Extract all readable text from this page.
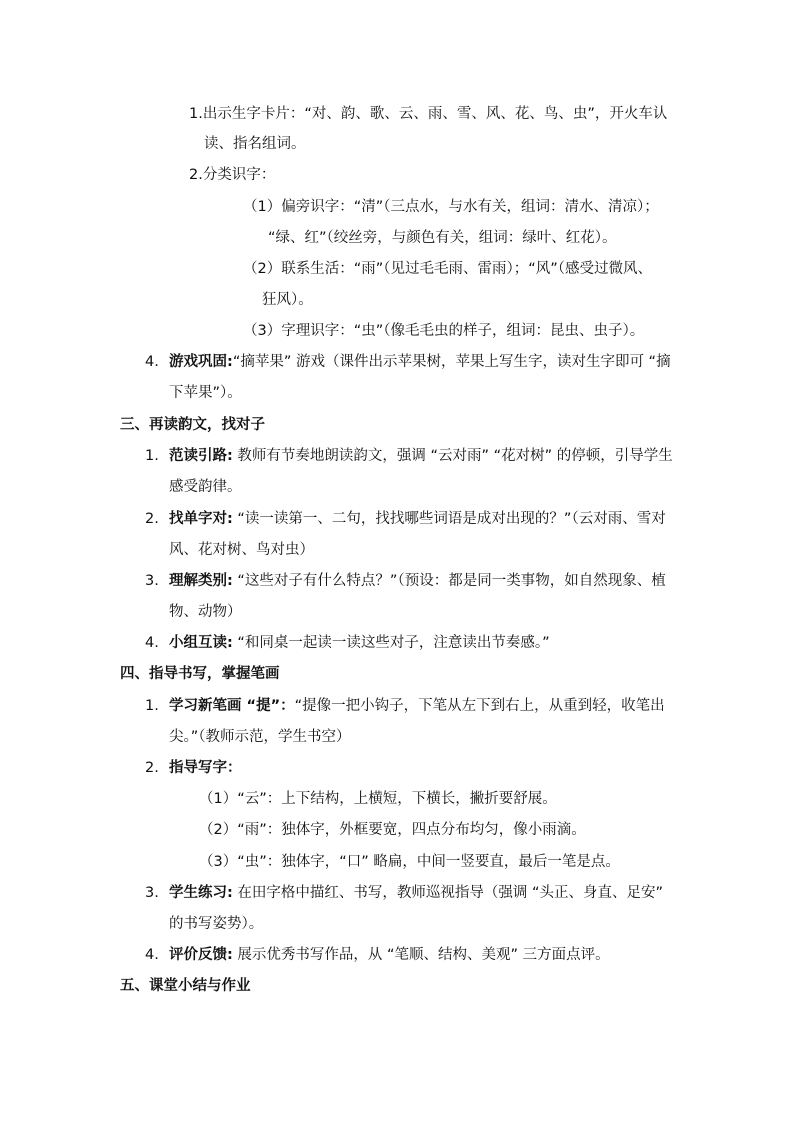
1.出示生字卡片：“对、韵、歌、云、雨、雪、风、花、鸟、虫”，开火车认
读、指名组词。
2.分类识字：
（1）偏旁识字：“清”（三点水，与水有关，组词：清水、清凉）；
“绿、红”（绞丝旁，与颜色有关，组词：绿叶、红花）。
（2）联系生活：“雨”（见过毛毛雨、雷雨）；“风”（感受过微风、
狂风）。
（3）字理识字：“虫”（像毛毛虫的样子，组词：昆虫、虫子）。
4. 游戏巩固:“摘苹果” 游戏（课件出示苹果树，苹果上写生字，读对生字即可 “摘
下苹果”）。
三、再读韵文，找对子
1. 范读引路: 教师有节奏地朗读韵文，强调 “云对雨” “花对树” 的停顿，引导学生
感受韵律。
2. 找单字对: “读一读第一、二句，找找哪些词语是成对出现的？”（云对雨、雪对
风、花对树、鸟对虫）
3. 理解类别: “这些对子有什么特点？”（预设：都是同一类事物，如自然现象、植
物、动物）
4. 小组互读: “和同桌一起读一读这些对子，注意读出节奏感。”
四、指导书写，掌握笔画
1. 学习新笔画 “提”：“提像一把小钩子，下笔从左下到右上，从重到轻，收笔出
尖。”（教师示范，学生书空）
2. 指导写字：
（1）“云”：上下结构，上横短，下横长，撇折要舒展。
（2）“雨”：独体字，外框要宽，四点分布均匀，像小雨滴。
（3）“虫”：独体字，“口” 略扁，中间一竖要直，最后一笔是点。
3. 学生练习: 在田字格中描红、书写，教师巡视指导（强调 “头正、身直、足安”
的书写姿势）。
4. 评价反馈: 展示优秀书写作品，从 “笔顺、结构、美观” 三方面点评。
五、课堂小结与作业
